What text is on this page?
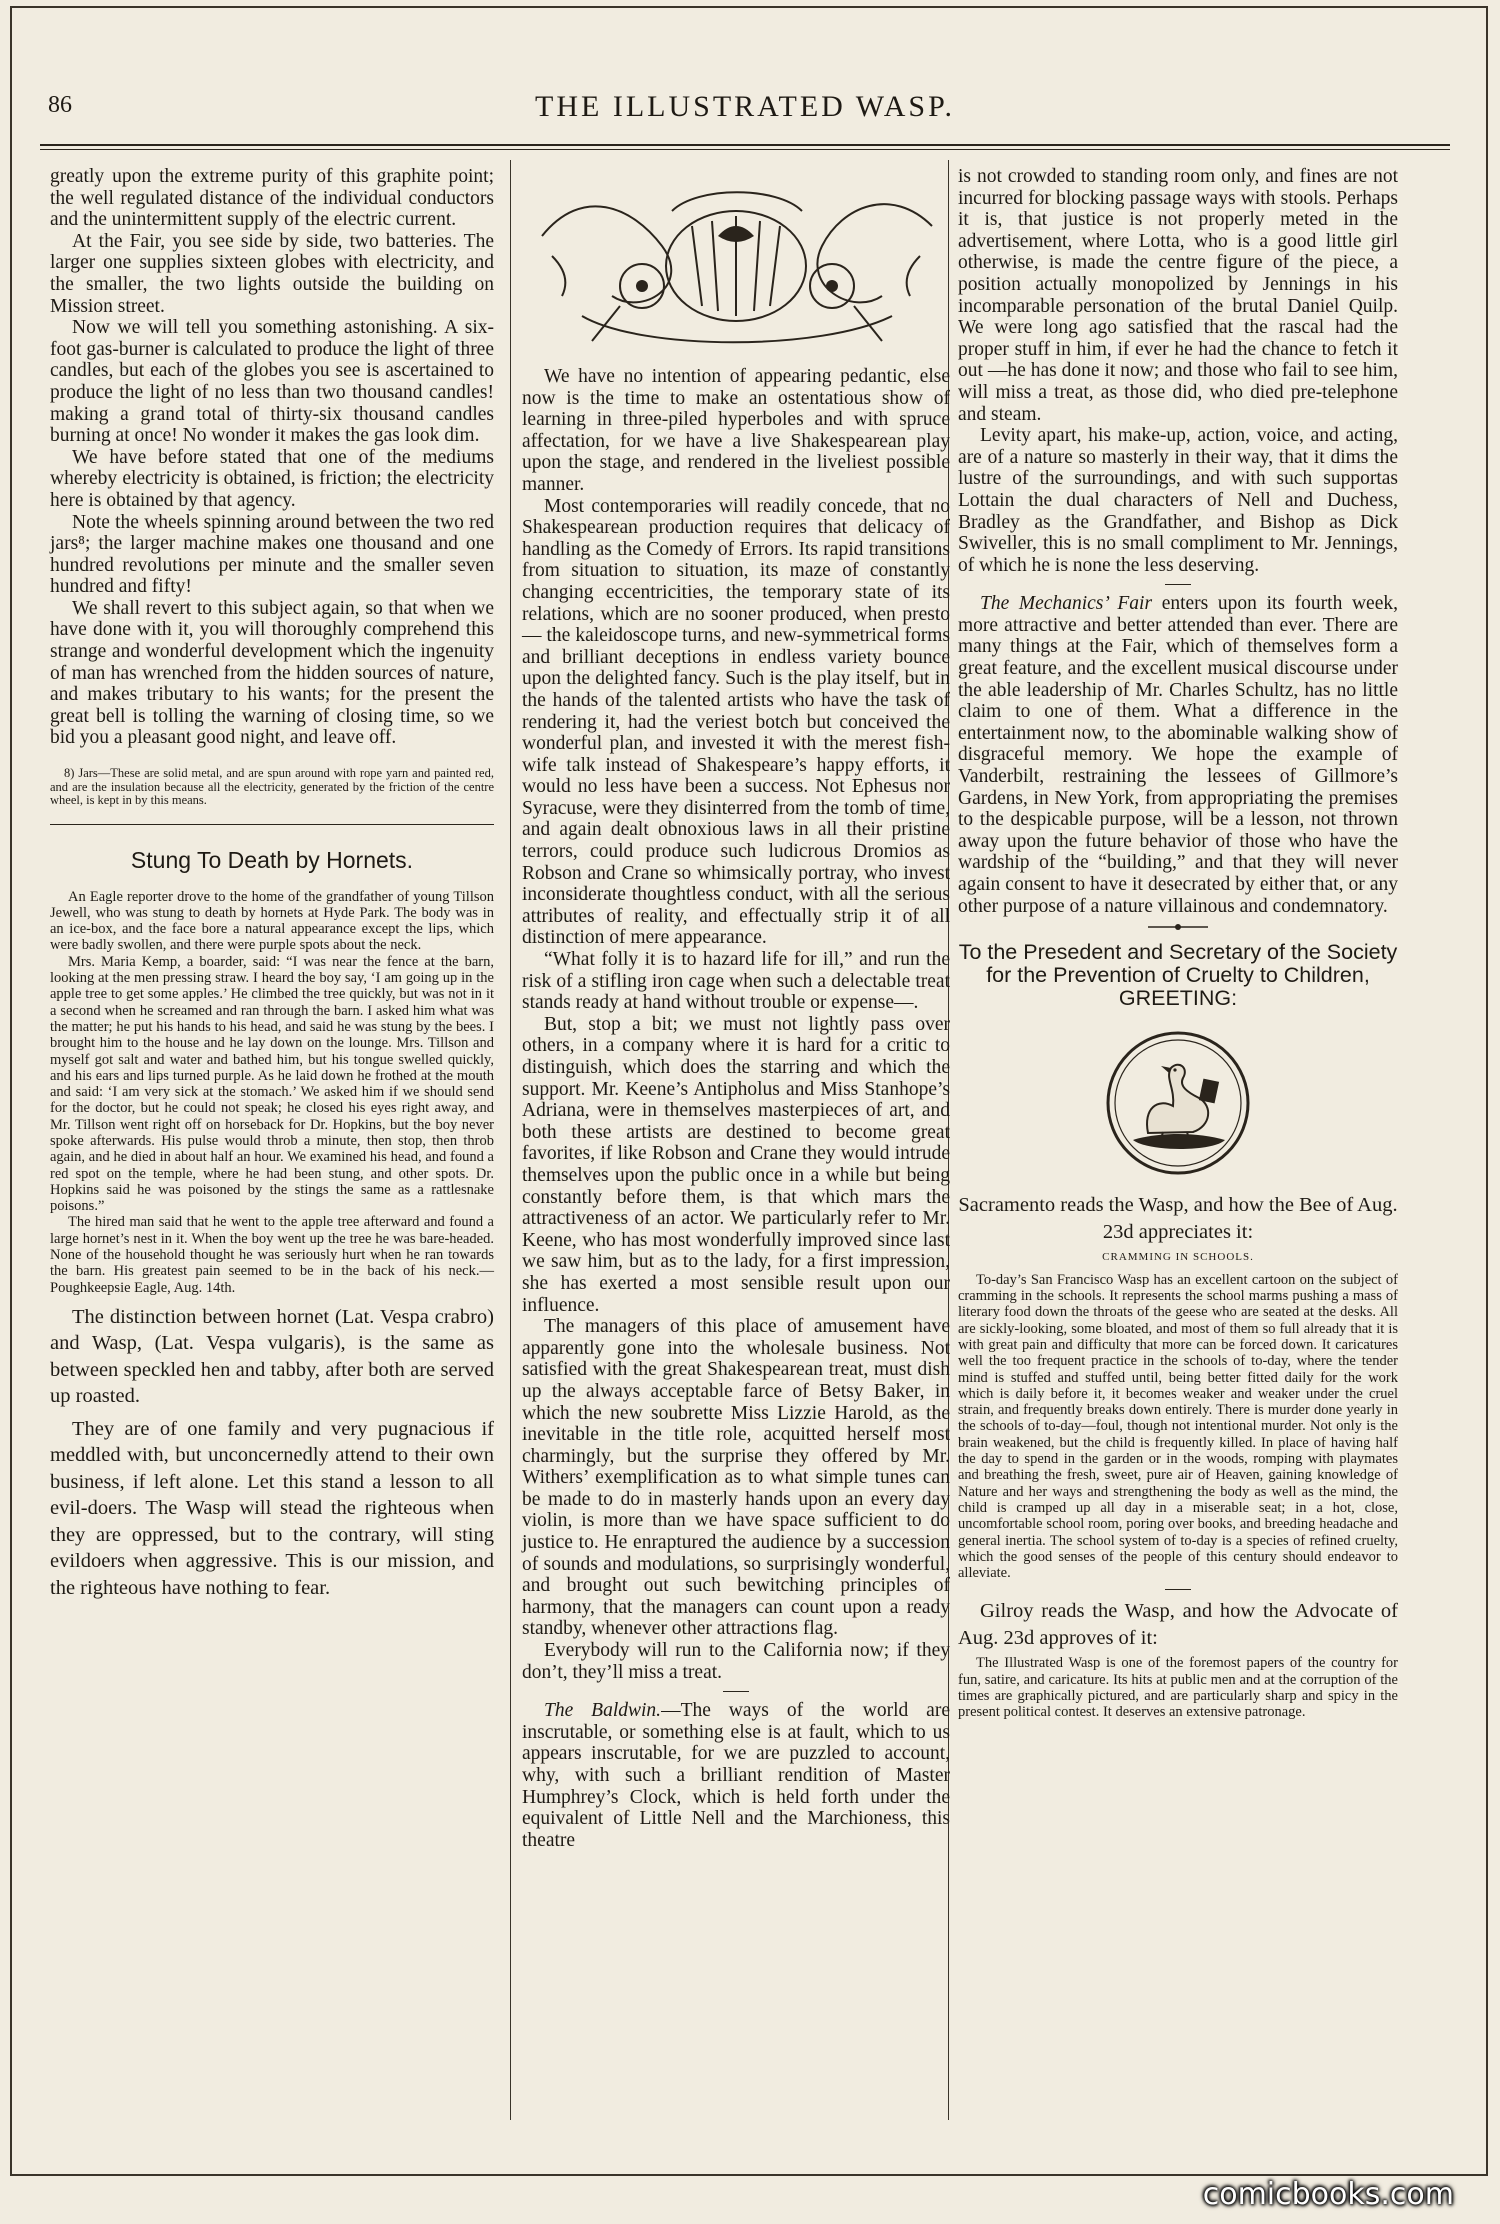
86	THE ILLUSTRATED WASP.

greatly upon the extreme purity of this graphite point; the well regulated distance of the individual conductors and the unintermittent supply of the electric current.

At the Fair, you see side by side, two batteries. The larger one supplies sixteen globes with electricity, and the smaller, the two lights outside the building on Mission street.

Now we will tell you something astonishing. A six-foot gas-burner is calculated to produce the light of three candles, but each of the globes you see is ascertained to produce the light of no less than two thousand candles! making a grand total of thirty-six thousand candles burning at once! No wonder it makes the gas look dim.

We have before stated that one of the mediums whereby electricity is obtained, is friction; the electricity here is obtained by that agency.

Note the wheels spinning around between the two red jars⁸; the larger machine makes one thousand and one hundred revolutions per minute and the smaller seven hundred and fifty!

We shall revert to this subject again, so that when we have done with it, you will thoroughly comprehend this strange and wonderful development which the ingenuity of man has wrenched from the hidden sources of nature, and makes tributary to his wants; for the present the great bell is tolling the warning of closing time, so we bid you a pleasant good night, and leave off.

8) Jars—These are solid metal, and are spun around with rope yarn and painted red, and are the insulation because all the electricity, generated by the friction of the centre wheel, is kept in by this means.

Stung To Death by Hornets.

An Eagle reporter drove to the home of the grandfather of young Tillson Jewell, who was stung to death by hornets at Hyde Park. The body was in an ice-box, and the face bore a natural appearance except the lips, which were badly swollen, and there were purple spots about the neck.

Mrs. Maria Kemp, a boarder, said: “I was near the fence at the barn, looking at the men pressing straw. I heard the boy say, ‘I am going up in the apple tree to get some apples.’ He climbed the tree quickly, but was not in it a second when he screamed and ran through the barn. I asked him what was the matter; he put his hands to his head, and said he was stung by the bees. I brought him to the house and he lay down on the lounge. Mrs. Tillson and myself got salt and water and bathed him, but his tongue swelled quickly, and his ears and lips turned purple. As he laid down he frothed at the mouth and said: ‘I am very sick at the stomach.’ We asked him if we should send for the doctor, but he could not speak; he closed his eyes right away, and Mr. Tillson went right off on horseback for Dr. Hopkins, but the boy never spoke afterwards. His pulse would throb a minute, then stop, then throb again, and he died in about half an hour. We examined his head, and found a red spot on the temple, where he had been stung, and other spots. Dr. Hopkins said he was poisoned by the stings the same as a rattlesnake poisons.”

The hired man said that he went to the apple tree afterward and found a large hornet’s nest in it. When the boy went up the tree he was bare-headed. None of the household thought he was seriously hurt when he ran towards the barn. His greatest pain seemed to be in the back of his neck.—Poughkeepsie Eagle, Aug. 14th.

The distinction between hornet (Lat. Vespa crabro) and Wasp, (Lat. Vespa vulgaris), is the same as between speckled hen and tabby, after both are served up roasted.

They are of one family and very pugnacious if meddled with, but unconcernedly attend to their own business, if left alone. Let this stand a lesson to all evil-doers. The Wasp will stead the righteous when they are oppressed, but to the contrary, will sting evildoers when aggressive. This is our mission, and the righteous have nothing to fear.

We have no intention of appearing pedantic, else now is the time to make an ostentatious show of learning in three-piled hyperboles and with spruce affectation, for we have a live Shakespearean play upon the stage, and rendered in the liveliest possible manner.

Most contemporaries will readily concede, that no Shakespearean production requires that delicacy of handling as the Comedy of Errors. Its rapid transitions from situation to situation, its maze of constantly changing eccentricities, the temporary state of its relations, which are no sooner produced, when presto — the kaleidoscope turns, and new-symmetrical forms and brilliant deceptions in endless variety bounce upon the delighted fancy. Such is the play itself, but in the hands of the talented artists who have the task of rendering it, had the veriest botch but conceived the wonderful plan, and invested it with the merest fish-wife talk instead of Shakespeare’s happy efforts, it would no less have been a success. Not Ephesus nor Syracuse, were they disinterred from the tomb of time, and again dealt obnoxious laws in all their pristine terrors, could produce such ludicrous Dromios as Robson and Crane so whimsically portray, who invest inconsiderate thoughtless conduct, with all the serious attributes of reality, and effectually strip it of all distinction of mere appearance.

“What folly it is to hazard life for ill,” and run the risk of a stifling iron cage when such a delectable treat stands ready at hand without trouble or expense—.

But, stop a bit; we must not lightly pass over others, in a company where it is hard for a critic to distinguish, which does the starring and which the support. Mr. Keene’s Antipholus and Miss Stanhope’s Adriana, were in themselves masterpieces of art, and both these artists are destined to become great favorites, if like Robson and Crane they would intrude themselves upon the public once in a while but being constantly before them, is that which mars the attractiveness of an actor. We particularly refer to Mr. Keene, who has most wonderfully improved since last we saw him, but as to the lady, for a first impression, she has exerted a most sensible result upon our influence.

The managers of this place of amusement have apparently gone into the wholesale business. Not satisfied with the great Shakespearean treat, must dish up the always acceptable farce of Betsy Baker, in which the new soubrette Miss Lizzie Harold, as the inevitable in the title role, acquitted herself most charmingly, but the surprise they offered by Mr. Withers’ exemplification as to what simple tunes can be made to do in masterly hands upon an every day violin, is more than we have space sufficient to do justice to. He enraptured the audience by a succession of sounds and modulations, so surprisingly wonderful, and brought out such bewitching principles of harmony, that the managers can count upon a ready standby, whenever other attractions flag.

Everybody will run to the California now; if they don’t, they’ll miss a treat.

The Baldwin.—The ways of the world are inscrutable, or something else is at fault, which to us appears inscrutable, for we are puzzled to account, why, with such a brilliant rendition of Master Humphrey’s Clock, which is held forth under the equivalent of Little Nell and the Marchioness, this theatre

is not crowded to standing room only, and fines are not incurred for blocking passage ways with stools. Perhaps it is, that justice is not properly meted in the advertisement, where Lotta, who is a good little girl otherwise, is made the centre figure of the piece, a position actually monopolized by Jennings in his incomparable personation of the brutal Daniel Quilp. We were long ago satisfied that the rascal had the proper stuff in him, if ever he had the chance to fetch it out —he has done it now; and those who fail to see him, will miss a treat, as those did, who died pre-telephone and steam.

Levity apart, his make-up, action, voice, and acting, are of a nature so masterly in their way, that it dims the lustre of the surroundings, and with such supportas Lottain the dual characters of Nell and Duchess, Bradley as the Grandfather, and Bishop as Dick Swiveller, this is no small compliment to Mr. Jennings, of which he is none the less deserving.

The Mechanics’ Fair enters upon its fourth week, more attractive and better attended than ever. There are many things at the Fair, which of themselves form a great feature, and the excellent musical discourse under the able leadership of Mr. Charles Schultz, has no little claim to one of them. What a difference in the entertainment now, to the abominable walking show of disgraceful memory. We hope the example of Vanderbilt, restraining the lessees of Gillmore’s Gardens, in New York, from appropriating the premises to the despicable purpose, will be a lesson, not thrown away upon the future behavior of those who have the wardship of the “building,” and that they will never again consent to have it desecrated by either that, or any other purpose of a nature villainous and condemnatory.

To the Presedent and Secretary of the Society for the Prevention of Cruelty to Children, GREETING:

Sacramento reads the Wasp, and how the Bee of Aug. 23d appreciates it:

CRAMMING IN SCHOOLS.

To-day’s San Francisco Wasp has an excellent cartoon on the subject of cramming in the schools. It represents the school marms pushing a mass of literary food down the throats of the geese who are seated at the desks. All are sickly-looking, some bloated, and most of them so full already that it is with great pain and difficulty that more can be forced down. It caricatures well the too frequent practice in the schools of to-day, where the tender mind is stuffed and stuffed until, being better fitted daily for the work which is daily before it, it becomes weaker and weaker under the cruel strain, and frequently breaks down entirely. There is murder done yearly in the schools of to-day—foul, though not intentional murder. Not only is the brain weakened, but the child is frequently killed. In place of having half the day to spend in the garden or in the woods, romping with playmates and breathing the fresh, sweet, pure air of Heaven, gaining knowledge of Nature and her ways and strengthening the body as well as the mind, the child is cramped up all day in a miserable seat; in a hot, close, uncomfortable school room, poring over books, and breeding headache and general inertia. The school system of to-day is a species of refined cruelty, which the good senses of the people of this century should endeavor to alleviate.

Gilroy reads the Wasp, and how the Advocate of Aug. 23d approves of it:

The Illustrated Wasp is one of the foremost papers of the country for fun, satire, and caricature. Its hits at public men and at the corruption of the times are graphically pictured, and are particularly sharp and spicy in the present political contest. It deserves an extensive patronage.

comicbooks.com
